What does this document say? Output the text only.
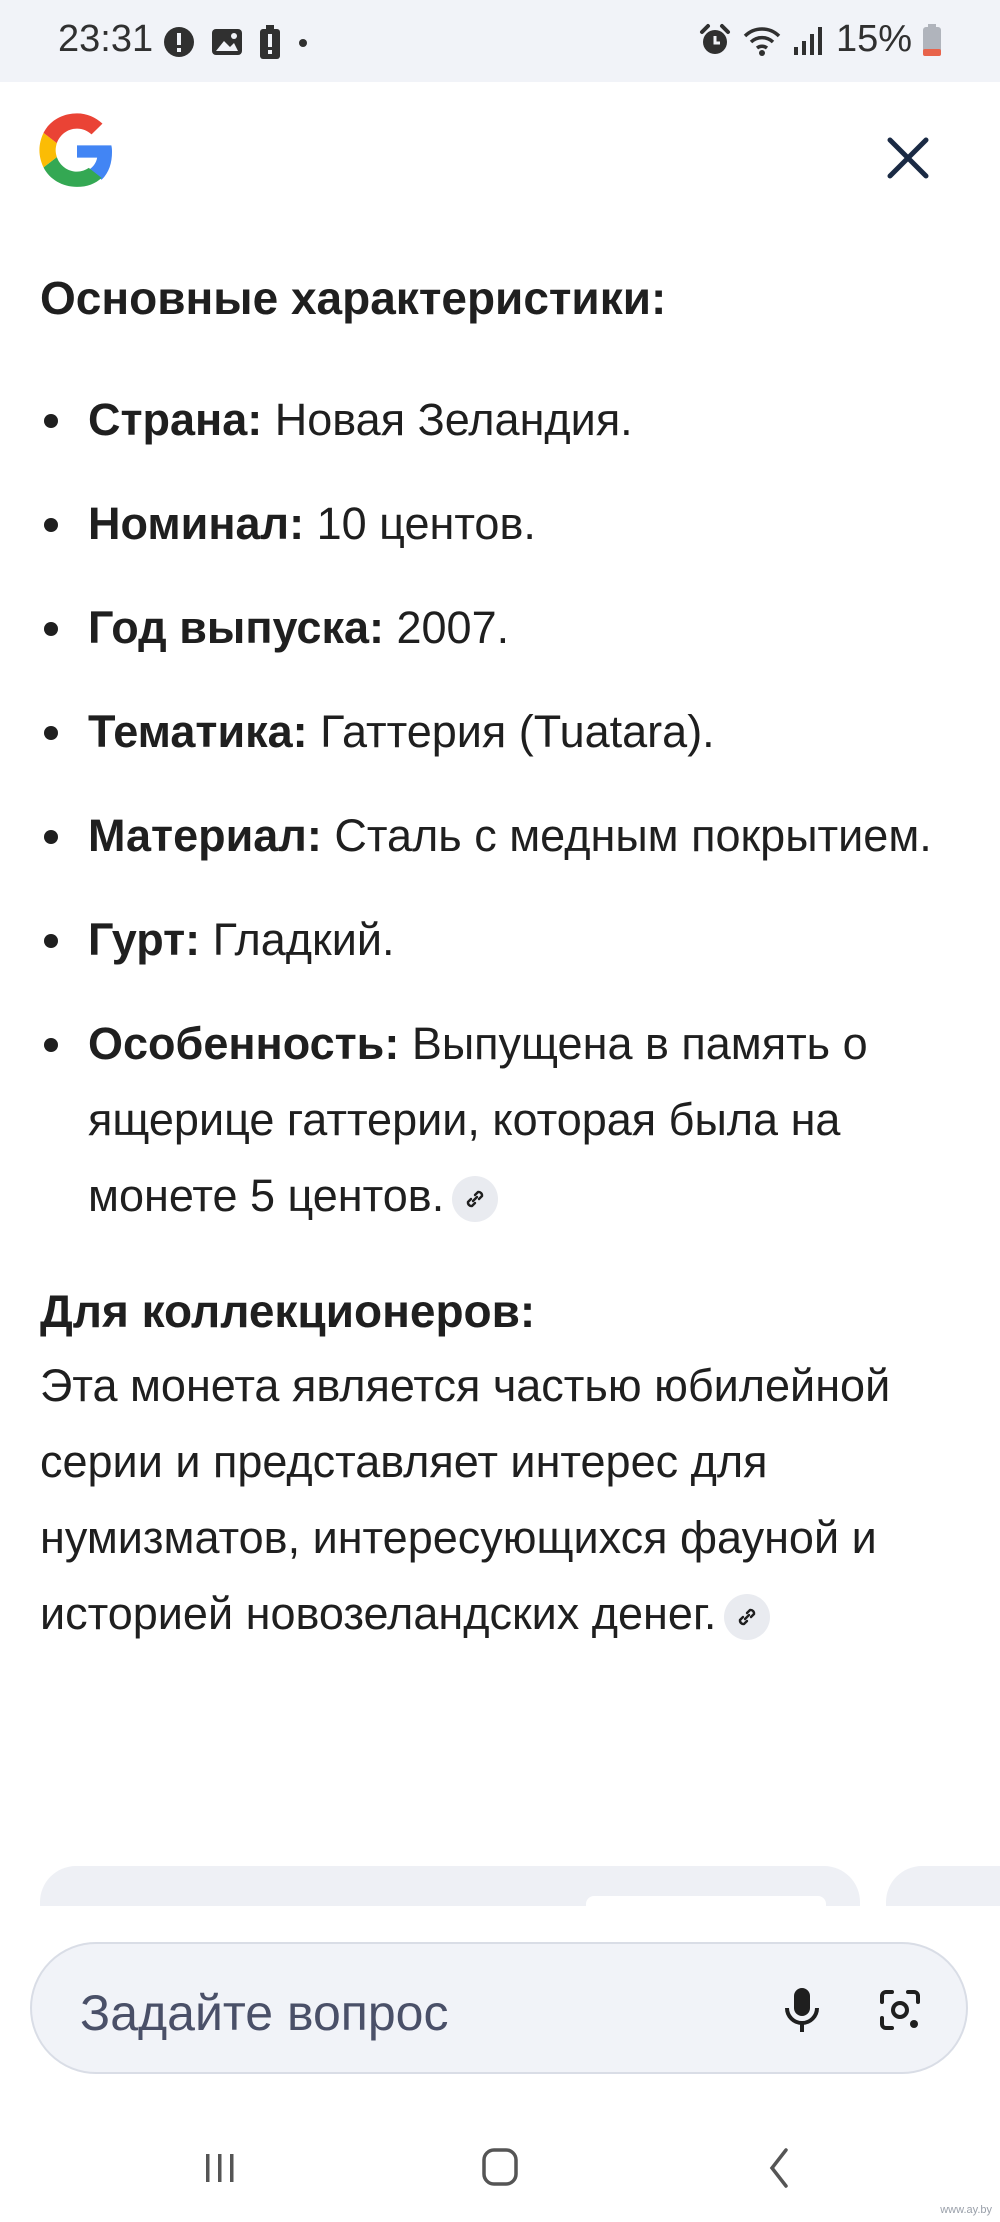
23:31	15%

Основные характеристики:

Страна: Новая Зеландия.
Номинал: 10 центов.
Год выпуска: 2007.
Тематика: Гаттерия (Tuatara).
Материал: Сталь с медным покрытием.
Гурт: Гладкий.
Особенность: Выпущена в память о ящерице гаттерии, которая была на монете 5 центов.
Для коллекционеров:
Эта монета является частью юбилейной серии и представляет интерес для нумизматов, интересующихся фауной и историей новозеландских денег.
Задайте вопрос
www.ay.by
